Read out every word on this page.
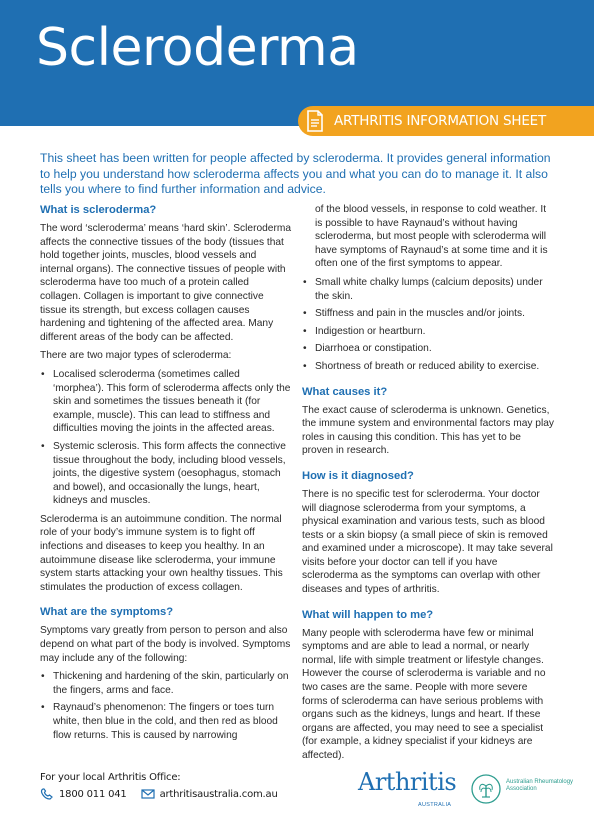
Scleroderma
ARTHRITIS INFORMATION SHEET

This sheet has been written for people affected by scleroderma. It provides general information to help you understand how scleroderma affects you and what you can do to manage it. It also tells you where to find further information and advice.

What is scleroderma?

The word ‘scleroderma’ means ‘hard skin’. Scleroderma affects the connective tissues of the body (tissues that hold together joints, muscles, blood vessels and internal organs). The connective tissues of people with scleroderma have too much of a protein called collagen. Collagen is important to give connective tissue its strength, but excess collagen causes hardening and tightening of the affected area. Many different areas of the body can be affected.

There are two major types of scleroderma:

• Localised scleroderma (sometimes called ‘morphea’). This form of scleroderma affects only the skin and sometimes the tissues beneath it (for example, muscle). This can lead to stiffness and difficulties moving the joints in the affected areas.
• Systemic sclerosis. This form affects the connective tissue throughout the body, including blood vessels, joints, the digestive system (oesophagus, stomach and bowel), and occasionally the lungs, heart, kidneys and muscles.

Scleroderma is an autoimmune condition. The normal role of your body’s immune system is to fight off infections and diseases to keep you healthy. In an autoimmune disease like scleroderma, your immune system starts attacking your own healthy tissues. This stimulates the production of excess collagen.

What are the symptoms?

Symptoms vary greatly from person to person and also depend on what part of the body is involved. Symptoms may include any of the following:

• Thickening and hardening of the skin, particularly on the fingers, arms and face.
• Raynaud’s phenomenon: The fingers or toes turn white, then blue in the cold, and then red as blood flow returns. This is caused by narrowing

of the blood vessels, in response to cold weather. It is possible to have Raynaud’s without having scleroderma, but most people with scleroderma will have symptoms of Raynaud’s at some time and it is often one of the first symptoms to appear.

• Small white chalky lumps (calcium deposits) under the skin.
• Stiffness and pain in the muscles and/or joints.
• Indigestion or heartburn.
• Diarrhoea or constipation.
• Shortness of breath or reduced ability to exercise.
What causes it?

The exact cause of scleroderma is unknown. Genetics, the immune system and environmental factors may play roles in causing this condition. This has yet to be proven in research.

How is it diagnosed?

There is no specific test for scleroderma. Your doctor will diagnose scleroderma from your symptoms, a physical examination and various tests, such as blood tests or a skin biopsy (a small piece of skin is removed and examined under a microscope). It may take several visits before your doctor can tell if you have scleroderma as the symptoms can overlap with other diseases and types of arthritis.

What will happen to me?

Many people with scleroderma have few or minimal symptoms and are able to lead a normal, or nearly normal, life with simple treatment or lifestyle changes. However the course of scleroderma is variable and no two cases are the same. People with more severe forms of scleroderma can have serious problems with organs such as the kidneys, lungs and heart. If these organs are affected, you may need to see a specialist (for example, a kidney specialist if your kidneys are affected).

For your local Arthritis Office:
1800 011 041	arthritisaustralia.com.au	Arthritis
AUSTRALIA
Australian Rheumatology Association
